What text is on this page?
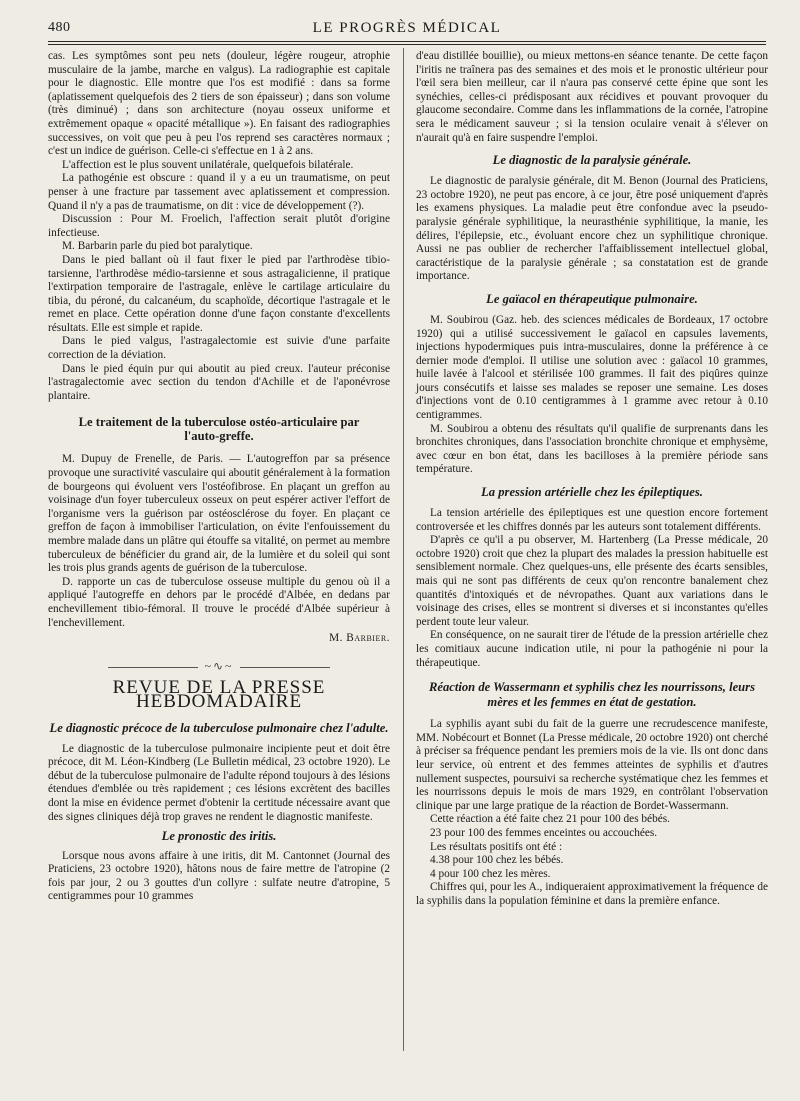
480	LE PROGRÈS MÉDICAL

cas. Les symptômes sont peu nets (douleur, légère rougeur, atrophie musculaire de la jambe, marche en valgus). La radiographie est capitale pour le diagnostic. Elle montre que l'os est modifié : dans sa forme (aplatissement quelquefois des 2 tiers de son épaisseur) ; dans son volume (très diminué) ; dans son architecture (noyau osseux uniforme et extrêmement opaque « opacité métallique »). En faisant des radiographies successives, on voit que peu à peu l'os reprend ses caractères normaux ; c'est un indice de guérison. Celle-ci s'effectue en 1 à 2 ans.

L'affection est le plus souvent unilatérale, quelquefois bilatérale.

La pathogénie est obscure : quand il y a eu un traumatisme, on peut penser à une fracture par tassement avec aplatissement et compression. Quand il n'y a pas de traumatisme, on dit : vice de développement (?).

Discussion : Pour M. Froelich, l'affection serait plutôt d'origine infectieuse.

M. Barbarin parle du pied bot paralytique.

Dans le pied ballant où il faut fixer le pied par l'arthrodèse tibio-tarsienne, l'arthrodèse médio-tarsienne et sous astragalicienne, il pratique l'extirpation temporaire de l'astragale, enlève le cartilage articulaire du tibia, du péroné, du calcanéum, du scaphoïde, décortique l'astragale et le remet en place. Cette opération donne d'une façon constante d'excellents résultats. Elle est simple et rapide.

Dans le pied valgus, l'astragalectomie est suivie d'une parfaite correction de la déviation.

Dans le pied équin pur qui aboutit au pied creux. l'auteur préconise l'astragalectomie avec section du tendon d'Achille et de l'aponévrose plantaire.

Le traitement de la tuberculose ostéo-articulaire par l'auto-greffe.

M. Dupuy de Frenelle, de Paris. — L'autogreffon par sa présence provoque une suractivité vasculaire qui aboutit généralement à la formation de bourgeons qui évoluent vers l'ostéofibrose. En plaçant un greffon au voisinage d'un foyer tuberculeux osseux on peut espérer activer l'effort de l'organisme vers la guérison par ostéosclérose du foyer. En plaçant ce greffon de façon à immobiliser l'articulation, on évite l'enfouissement du membre malade dans un plâtre qui étouffe sa vitalité, on permet au membre tuberculeux de bénéficier du grand air, de la lumière et du soleil qui sont les trois plus grands agents de guérison de la tuberculose.

D. rapporte un cas de tuberculose osseuse multiple du genou où il a appliqué l'autogreffe en dehors par le procédé d'Albée, en dedans par enchevillement tibio-fémoral. Il trouve le procédé d'Albée supérieur à l'enchevillement.

M. Barbier.
~∿~
REVUE DE LA PRESSE HEBDOMADAIRE
Le diagnostic précoce de la tuberculose pulmonaire chez l'adulte.

Le diagnostic de la tuberculose pulmonaire incipiente peut et doit être précoce, dit M. Léon-Kindberg (Le Bulletin médical, 23 octobre 1920). Le début de la tuberculose pulmonaire de l'adulte répond toujours à des lésions étendues d'emblée ou très rapidement ; ces lésions excrètent des bacilles dont la mise en évidence permet d'obtenir la certitude nécessaire avant que des signes cliniques déjà trop graves ne rendent le diagnostic manifeste.

Le pronostic des iritis.

Lorsque nous avons affaire à une iritis, dit M. Cantonnet (Journal des Praticiens, 23 octobre 1920), hâtons nous de faire mettre de l'atropine (2 fois par jour, 2 ou 3 gouttes d'un collyre : sulfate neutre d'atropine, 5 centigrammes pour 10 grammes

d'eau distillée bouillie), ou mieux mettons-en séance tenante. De cette façon l'iritis ne traînera pas des semaines et des mois et le pronostic ultérieur pour l'œil sera bien meilleur, car il n'aura pas conservé cette épine que sont les synéchies, celles-ci prédisposant aux récidives et pouvant provoquer du glaucome secondaire. Comme dans les inflammations de la cornée, l'atropine sera le médicament sauveur ; si la tension oculaire venait à s'élever on n'aurait qu'à en faire suspendre l'emploi.

Le diagnostic de la paralysie générale.

Le diagnostic de paralysie générale, dit M. Benon (Journal des Praticiens, 23 octobre 1920), ne peut pas encore, à ce jour, être posé uniquement d'après les examens physiques. La maladie peut être confondue avec la pseudo-paralysie générale syphilitique, la neurasthénie syphilitique, la manie, les délires, l'épilepsie, etc., évoluant encore chez un syphilitique chronique. Aussi ne pas oublier de rechercher l'affaiblissement intellectuel global, caractéristique de la paralysie générale ; sa constatation est de grande importance.

Le gaïacol en thérapeutique pulmonaire.

M. Soubirou (Gaz. heb. des sciences médicales de Bordeaux, 17 octobre 1920) qui a utilisé successivement le gaïacol en capsules lavements, injections hypodermiques puis intra-musculaires, donne la préférence à ce dernier mode d'emploi. Il utilise une solution avec : gaïacol 10 grammes, huile lavée à l'alcool et stérilisée 100 grammes. Il fait des piqûres quinze jours consécutifs et laisse ses malades se reposer une semaine. Les doses d'injections vont de 0.10 centigrammes à 1 gramme avec retour à 0.10 centigrammes.

M. Soubirou a obtenu des résultats qu'il qualifie de surprenants dans les bronchites chroniques, dans l'association bronchite chronique et emphysème, avec cœur en bon état, dans les bacilloses à la première période sans température.

La pression artérielle chez les épileptiques.

La tension artérielle des épileptiques est une question encore fortement controversée et les chiffres donnés par les auteurs sont totalement différents.

D'après ce qu'il a pu observer, M. Hartenberg (La Presse médicale, 20 octobre 1920) croit que chez la plupart des malades la pression habituelle est sensiblement normale. Chez quelques-uns, elle présente des écarts sensibles, mais qui ne sont pas différents de ceux qu'on rencontre banalement chez quantités d'intoxiqués et de névropathes. Quant aux variations dans le voisinage des crises, elles se montrent si diverses et si inconstantes qu'elles perdent toute leur valeur.

En conséquence, on ne saurait tirer de l'étude de la pression artérielle chez les comitiaux aucune indication utile, ni pour la pathogénie ni pour la thérapeutique.

Réaction de Wassermann et syphilis chez les nourrissons, leurs mères et les femmes en état de gestation.

La syphilis ayant subi du fait de la guerre une recrudescence manifeste, MM. Nobécourt et Bonnet (La Presse médicale, 20 octobre 1920) ont cherché à préciser sa fréquence pendant les premiers mois de la vie. Ils ont donc dans leur service, où entrent et des femmes atteintes de syphilis et d'autres nullement suspectes, poursuivi sa recherche systématique chez les femmes et les nourrissons depuis le mois de mars 1929, en contrôlant l'observation clinique par une large pratique de la réaction de Bordet-Wassermann.

Cette réaction a été faite chez 21 pour 100 des bébés.

23 pour 100 des femmes enceintes ou accouchées.

Les résultats positifs ont été :

4.38 pour 100 chez les bébés.

4 pour 100 chez les mères.

Chiffres qui, pour les A., indiqueraient approximativement la fréquence de la syphilis dans la population féminine et dans la première enfance.
